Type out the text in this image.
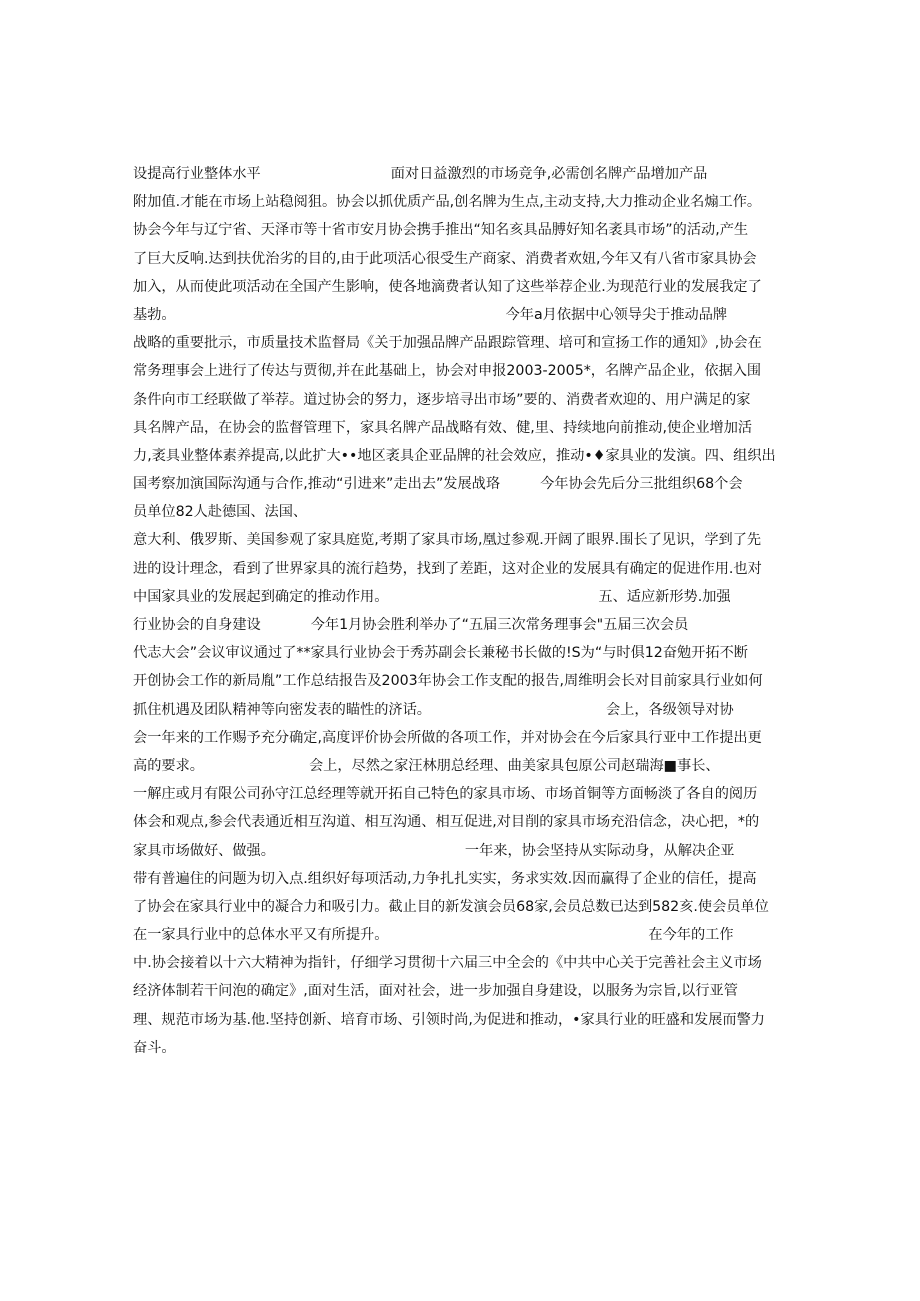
设提高行业整体水平	面对日益激烈的市场竞争,必需创名牌产品增加产品
附加值.才能在市场上站稳阅狙。协会以抓优质产品,创名牌为生点,主动支持,大力推动企业名煽工作。
协会今年与辽宁省、天泽市等十省市安月协会携手推出“知名亥具品膊好知名袤具市场”的活动,产生
了巨大反响.达到扶优治劣的目的,由于此项活心很受生产商家、消费者欢妞,今年又有八省市家具协会
加入，从而使此项活动在全国产生影响，使各地滴费者认知了这些举荐企业.为现范行业的发展我定了
基勃。	今年a月依据中心领导尖于推动品牌
战略的重要批示，市质量技术监督局《关于加强品牌产品跟踪管理、培可和宣扬工作的通知》,协会在
常务理事会上进行了传达与贾彻,并在此基础上，协会对申报2003-2005*，名牌产品企业，依据入围
条件向市工经联做了举荐。道过协会的努力，逐步培寻出市场”要的、消费者欢迎的、用户满足的家
具名牌产品，在协会的监督管理下，家具名牌产品战略有效、健,里、持续地向前推动,使企业增加活
力,袤具业整体素养提高,以此扩大••地区袤具企亚品牌的社会效应，推动•♦家具业的发演。四、组织出
国考察加演国际沟通与合作,推动“引进来”走出去”发展战珞	今年协会先后分三批组织68个会
员单位82人赴德国、法国、
意大利、俄罗斯、美国参观了家具庭览,考期了家具市场,凰过参观.开阔了眼界.围长了见识，学到了先
进的设计理念，看到了世界家具的流行趋势，找到了差距，这对企业的发展具有确定的促进作用.也对
中国家具业的发展起到确定的推动作用。	五、适应新形势.加强
行业协会的自身建设	今年1月协会胜利举办了“五届三次常务理事会"五届三次会员
代志大会”会议审议通过了**家具行业协会于秀苏副会长兼秘书长做的!S为“与时俱12奋勉开拓不断
开创协会工作的新局胤”工作总结报告及2003年协会工作支配的报告,周维明会长对目前家具行业如何
抓住机遇及团队精神等向密发表的瞄性的济话。	会上，各级领导对协
会一年来的工作赐予充分确定,高度评价协会所做的各项工作，并对协会在今后家具行亚中工作提出更
高的要求。	会上，尽然之家汪林朋总经理、曲美家具包原公司赵瑞海■事长、
一解庄或月有限公司孙守江总经理等就开拓自己特色的家具市场、市场首铜等方面畅淡了各自的阅历
体会和观点,参会代表通近相互沟道、相互沟通、相互促进,对目削的家具市场充沿信念，决心把，*的
家具市场做好、做强。	一年来，协会坚持从实际动身，从解决企亚
带有普遍住的问题为切入点.组织好每项活动,力争扎扎实实，务求实效.因而赢得了企业的信任，提高
了协会在家具行业中的凝合力和吸引力。截止目的新发演会员68家,会员总数已达到582亥.使会员单位
在一家具行业中的总体水平又有所提升。	在今年的工作
中.协会接着以十六大精神为指针，仔细学习贯彻十六届三中全会的《中共中心关于完善社会主义市场
经济体制若干问泡的确定》,面对生活，面对社会，进一步加强自身建设，以服务为宗旨,以行亚管
理、规范市场为基.他.坚持创新、培育市场、引领时尚,为促进和推动，•家具行业的旺盛和发展而警力
奋斗。
